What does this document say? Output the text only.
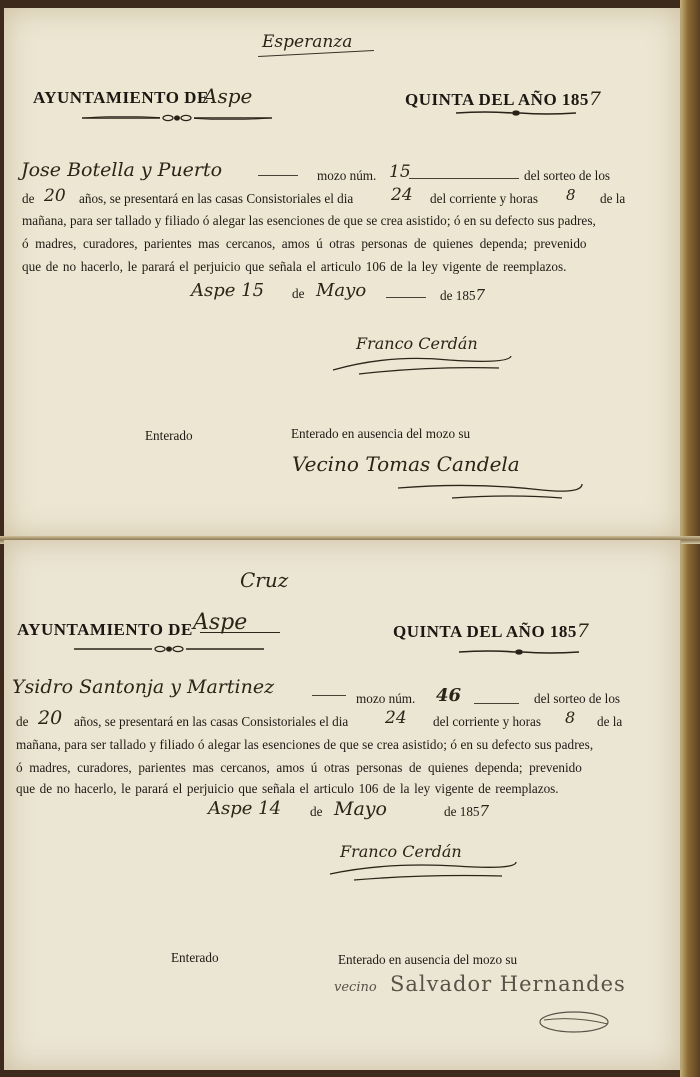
Esperanza
AYUNTAMIENTO DE
Aspe	QUINTA DEL AÑO 1857
Jose Botella y Puerto	mozo núm. 15	del sorteo de los
de 20 años, se presentará en las casas Consistoriales el dia 24 del corriente y horas 8 de la
mañana, para ser tallado y filiado ó alegar las esenciones de que se crea asistido; ó en su defecto sus padres,
ó madres, curadores, parientes mas cercanos, amos ú otras personas de quienes dependa; prevenido
que de no hacerlo, le parará el perjuicio que señala el articulo 106 de la ley vigente de reemplazos.
Aspe 15 de Mayo	de 1857
Franco Cerdán
Enterado	Enterado en ausencia del mozo su
Vecino Tomas Candela
Cruz
AYUNTAMIENTO DE Aspe	QUINTA DEL AÑO 1857
Ysidro Santonja y Martinez
mozo núm. 46	del sorteo de los
de 20 años, se presentará en las casas Consistoriales el dia 24 del corriente y horas 8 de la
mañana, para ser tallado y filiado ó alegar las esenciones de que se crea asistido; ó en su defecto sus padres,
ó madres, curadores, parientes mas cercanos, amos ú otras personas de quienes dependa; prevenido
que de no hacerlo, le parará el perjuicio que señala el articulo 106 de la ley vigente de reemplazos.
Aspe 14 de Mayo	de 1857
Franco Cerdán
Enterado	Enterado en ausencia del mozo su
vecino Salvador Hernandes
